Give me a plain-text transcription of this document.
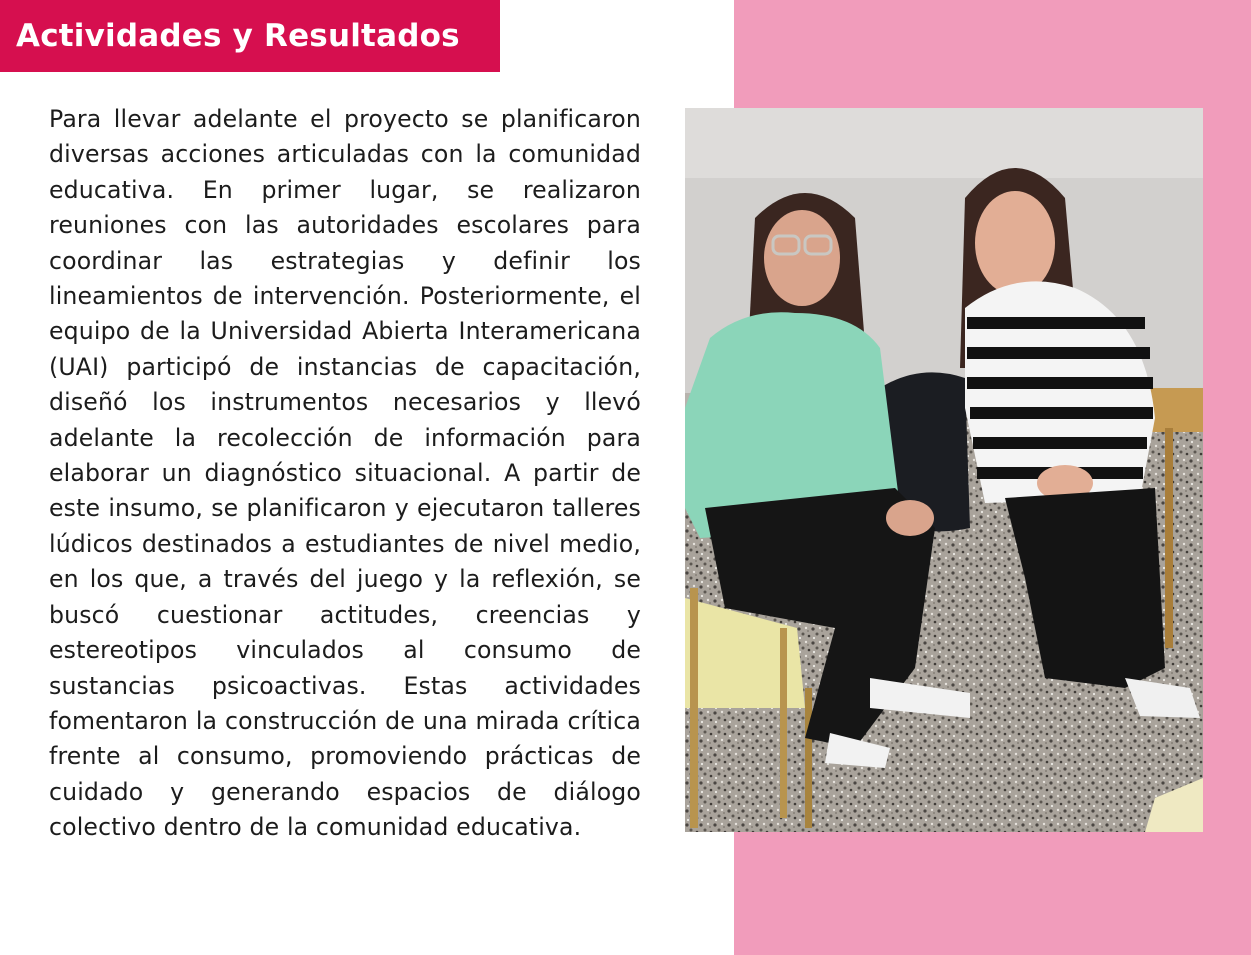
Actividades y Resultados

Para llevar adelante el proyecto se planificaron diversas acciones articuladas con la comunidad educativa. En primer lugar, se realizaron reuniones con las autoridades escolares para coordinar las estrategias y definir los lineamientos de intervención. Posteriormente, el equipo de la Universidad Abierta Interamericana (UAI) participó de instancias de capacitación, diseñó los instrumentos necesarios y llevó adelante la recolección de información para elaborar un diagnóstico situacional. A partir de este insumo, se planificaron y ejecutaron talleres lúdicos destinados a estudiantes de nivel medio, en los que, a través del juego y la reflexión, se buscó cuestionar actitudes, creencias y estereotipos vinculados al consumo de sustancias psicoactivas. Estas actividades fomentaron la construcción de una mirada crítica frente al consumo, promoviendo prácticas de cuidado y generando espacios de diálogo colectivo dentro de la comunidad educativa.
